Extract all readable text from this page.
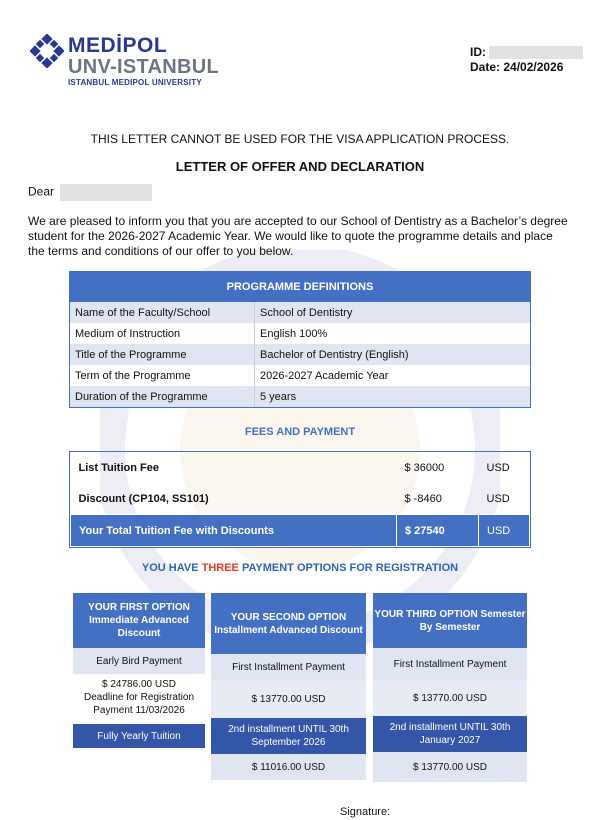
MEDİPOL
UNV-ISTANBUL
ISTANBUL MEDIPOL UNIVERSITY
ID:
Date: 24/02/2026
THIS LETTER CANNOT BE USED FOR THE VISA APPLICATION PROCESS.
LETTER OF OFFER AND DECLARATION
Dear
We are pleased to inform you that you are accepted to our School of Dentistry as a Bachelor’s degree student for the 2026-2027 Academic Year. We would like to quote the programme details and place the terms and conditions of our offer to you below.
PROGRAMME DEFINITIONS	
Name of the Faculty/School	School of Dentistry
Medium of Instruction	English 100%
Title of the Programme	Bachelor of Dentistry (English)
Term of the Programme	2026-2027 Academic Year
Duration of the Programme	5 years
FEES AND PAYMENT
List Tuition Fee	$ 36000	USD
Discount (CP104, SS101)	$ -8460	USD
Your Total Tuition Fee with Discounts	$ 27540	USD
YOU HAVE THREE PAYMENT OPTIONS FOR REGISTRATION
YOUR FIRST OPTION Immediate Advanced Discount
Early Bird Payment
$ 24786.00 USD
Deadline for Registration Payment 11/03/2026
Fully Yearly Tuition
YOUR SECOND OPTION Installment Advanced Discount
First Installment Payment
$ 13770.00 USD
2nd installment UNTIL 30th September 2026
$ 11016.00 USD
YOUR THIRD OPTION Semester By Semester
First Installment Payment
$ 13770.00 USD
2nd installment UNTIL 30th January 2027
$ 13770.00 USD
Signature:
